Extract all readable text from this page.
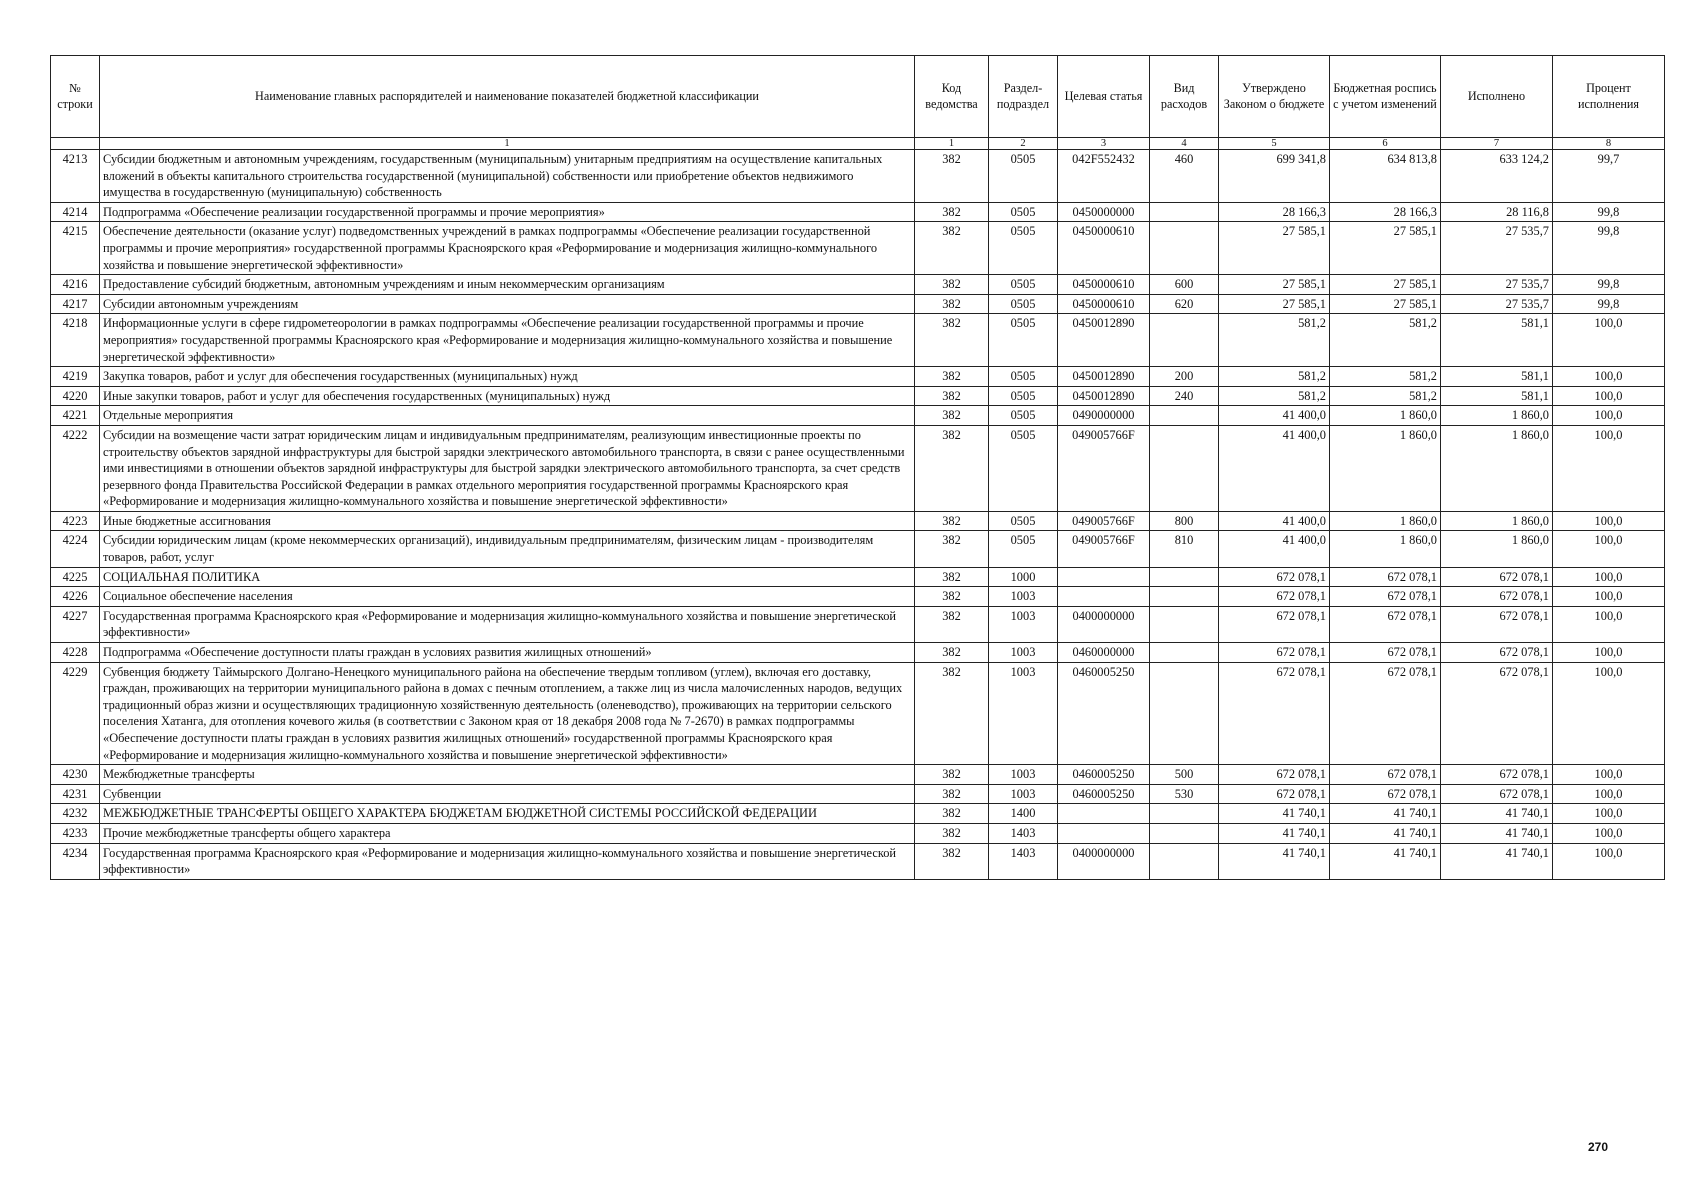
№ строки	Наименование главных распорядителей и наименование показателей бюджетной классификации	Код ведомства	Раздел-подраздел	Целевая статья	Вид расходов	Утверждено Законом о бюджете	Бюджетная роспись с учетом изменений	Исполнено	Процент исполнения
	1	1	2	3	4	5	6	7	8
4213	Субсидии бюджетным и автономным учреждениям, государственным (муниципальным) унитарным предприятиям на осуществление капитальных вложений в объекты капитального строительства государственной (муниципальной) собственности или приобретение объектов недвижимого имущества в государственную (муниципальную) собственность	382	0505	042F552432	460	699 341,8	634 813,8	633 124,2	99,7
4214	Подпрограмма «Обеспечение реализации государственной программы и прочие мероприятия»	382	0505	0450000000		28 166,3	28 166,3	28 116,8	99,8
4215	Обеспечение деятельности (оказание услуг) подведомственных учреждений в рамках подпрограммы «Обеспечение реализации государственной программы и прочие мероприятия» государственной программы Красноярского края «Реформирование и модернизация жилищно-коммунального хозяйства и повышение энергетической эффективности»	382	0505	0450000610		27 585,1	27 585,1	27 535,7	99,8
4216	Предоставление субсидий бюджетным, автономным учреждениям и иным некоммерческим организациям	382	0505	0450000610	600	27 585,1	27 585,1	27 535,7	99,8
4217	Субсидии автономным учреждениям	382	0505	0450000610	620	27 585,1	27 585,1	27 535,7	99,8
4218	Информационные услуги в сфере гидрометеорологии в рамках подпрограммы «Обеспечение реализации государственной программы и прочие мероприятия» государственной программы Красноярского края «Реформирование и модернизация жилищно-коммунального хозяйства и повышение энергетической эффективности»	382	0505	0450012890		581,2	581,2	581,1	100,0
4219	Закупка товаров, работ и услуг для обеспечения государственных (муниципальных) нужд	382	0505	0450012890	200	581,2	581,2	581,1	100,0
4220	Иные закупки товаров, работ и услуг для обеспечения государственных (муниципальных) нужд	382	0505	0450012890	240	581,2	581,2	581,1	100,0
4221	Отдельные мероприятия	382	0505	0490000000		41 400,0	1 860,0	1 860,0	100,0
4222	Субсидии на возмещение части затрат юридическим лицам и индивидуальным предпринимателям, реализующим инвестиционные проекты по строительству объектов зарядной инфраструктуры для быстрой зарядки электрического автомобильного транспорта, в связи с ранее осуществленными ими инвестициями в отношении объектов зарядной инфраструктуры для быстрой зарядки электрического автомобильного транспорта, за счет средств резервного фонда Правительства Российской Федерации в рамках отдельного мероприятия государственной программы Красноярского края «Реформирование и модернизация жилищно-коммунального хозяйства и повышение энергетической эффективности»	382	0505	049005766F		41 400,0	1 860,0	1 860,0	100,0
4223	Иные бюджетные ассигнования	382	0505	049005766F	800	41 400,0	1 860,0	1 860,0	100,0
4224	Субсидии юридическим лицам (кроме некоммерческих организаций), индивидуальным предпринимателям, физическим лицам - производителям товаров, работ, услуг	382	0505	049005766F	810	41 400,0	1 860,0	1 860,0	100,0
4225	СОЦИАЛЬНАЯ ПОЛИТИКА	382	1000			672 078,1	672 078,1	672 078,1	100,0
4226	Социальное обеспечение населения	382	1003			672 078,1	672 078,1	672 078,1	100,0
4227	Государственная программа Красноярского края «Реформирование и модернизация жилищно-коммунального хозяйства и повышение энергетической эффективности»	382	1003	0400000000		672 078,1	672 078,1	672 078,1	100,0
4228	Подпрограмма «Обеспечение доступности платы граждан в условиях развития жилищных отношений»	382	1003	0460000000		672 078,1	672 078,1	672 078,1	100,0
4229	Субвенция бюджету Таймырского Долгано-Ненецкого муниципального района на обеспечение твердым топливом (углем), включая его доставку, граждан, проживающих на территории муниципального района в домах с печным отоплением, а также лиц из числа малочисленных народов, ведущих традиционный образ жизни и осуществляющих традиционную хозяйственную деятельность (оленеводство), проживающих на территории сельского поселения Хатанга, для отопления кочевого жилья (в соответствии с Законом края от 18 декабря 2008 года № 7-2670) в рамках подпрограммы «Обеспечение доступности платы граждан в условиях развития жилищных отношений» государственной программы Красноярского края «Реформирование и модернизация жилищно-коммунального хозяйства и повышение энергетической эффективности»	382	1003	0460005250		672 078,1	672 078,1	672 078,1	100,0
4230	Межбюджетные трансферты	382	1003	0460005250	500	672 078,1	672 078,1	672 078,1	100,0
4231	Субвенции	382	1003	0460005250	530	672 078,1	672 078,1	672 078,1	100,0
4232	МЕЖБЮДЖЕТНЫЕ ТРАНСФЕРТЫ ОБЩЕГО ХАРАКТЕРА БЮДЖЕТАМ БЮДЖЕТНОЙ СИСТЕМЫ РОССИЙСКОЙ ФЕДЕРАЦИИ	382	1400			41 740,1	41 740,1	41 740,1	100,0
4233	Прочие межбюджетные трансферты общего характера	382	1403			41 740,1	41 740,1	41 740,1	100,0
4234	Государственная программа Красноярского края «Реформирование и модернизация жилищно-коммунального хозяйства и повышение энергетической эффективности»	382	1403	0400000000		41 740,1	41 740,1	41 740,1	100,0
270
